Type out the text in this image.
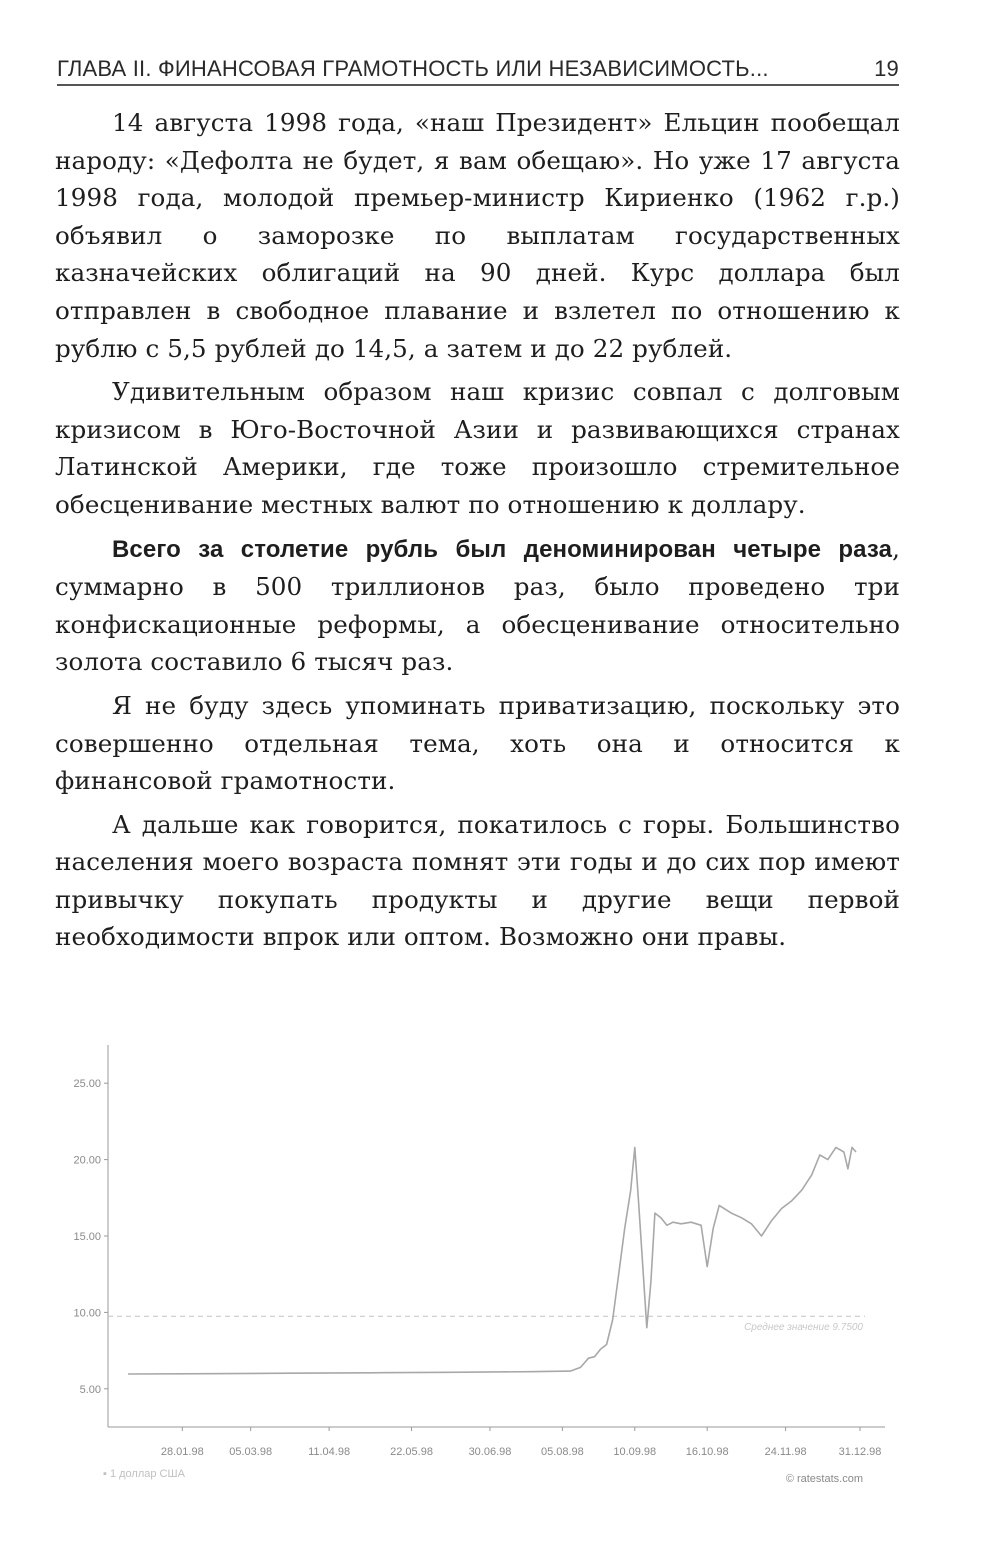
ГЛАВА II. ФИНАНСОВАЯ ГРАМОТНОСТЬ ИЛИ НЕЗАВИСИМОСТЬ...	19

14 августа 1998 года, «наш Президент» Ельцин пообещал народу: «Дефолта не будет, я вам обещаю». Но уже 17 августа 1998 года, молодой премьер-министр Кириенко (1962 г.р.) объявил о заморозке по выплатам государственных казначейских облигаций на 90 дней. Курс доллара был отправлен в свободное плавание и взлетел по отношению к рублю с 5,5 рублей до 14,5, а затем и до 22 рублей.

Удивительным образом наш кризис совпал с долговым кризисом в Юго-Восточной Азии и развивающихся странах Латинской Америки, где тоже произошло стремительное обесценивание местных валют по отношению к доллару.

Всего за столетие рубль был деноминирован четыре раза, суммарно в 500 триллионов раз, было проведено три конфискационные реформы, а обесценивание относительно золота составило 6 тысяч раз.

Я не буду здесь упоминать приватизацию, поскольку это совершенно отдельная тема, хоть она и относится к финансовой грамотности.

А дальше как говорится, покатилось с горы. Большинство населения моего возраста помнят эти годы и до сих пор имеют привычку покупать продукты и другие вещи первой необходимости впрок или оптом. Возможно они правы.

5.00
10.00
15.00
20.00
25.00
28.01.98 05.03.98	11.04.98	22.05.98	30.06.98	05.08.98	10.09.98	16.10.98	24.11.98	31.12.98
Среднее значение 9.7500
▪ 1 доллар США	© ratestats.com
